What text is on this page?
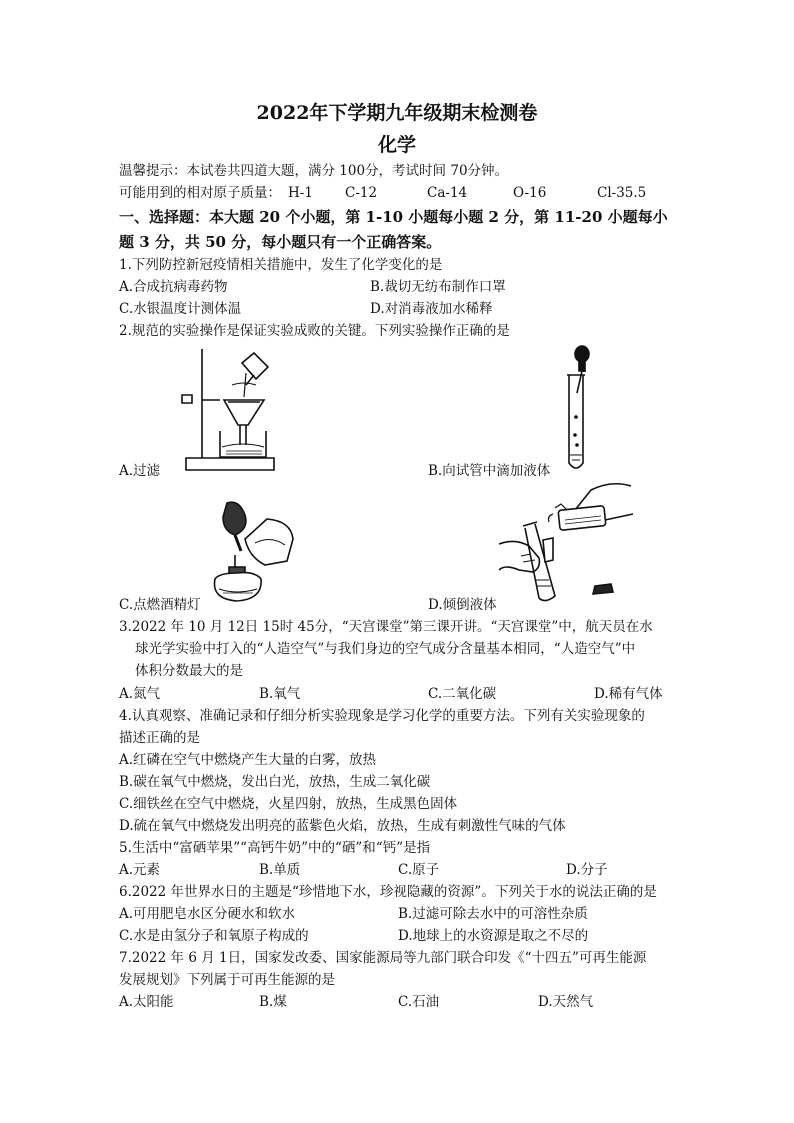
2022年下学期九年级期末检测卷
化学
温馨提示：本试卷共四道大题，满分 100分，考试时间 70分钟。
可能用到的相对原子质量： H-1 C-12	Ca-14	O-16	Cl-35.5
一、选择题：本大题 20 个小题，第 1-10 小题每小题 2 分，第 11-20 小题每小
题 3 分，共 50 分，每小题只有一个正确答案。
1.下列防控新冠疫情相关措施中，发生了化学变化的是
A.合成抗病毒药物	B.裁切无纺布制作口罩
C.水银温度计测体温	D.对消毒液加水稀释
2.规范的实验操作是保证实验成败的关键。下列实验操作正确的是
A.过滤	B.向试管中滴加液体
C.点燃酒精灯	D.倾倒液体
3.2022 年 10 月 12日 15时 45分，“天宫课堂”第三课开讲。“天宫课堂”中，航天员在水
球光学实验中打入的“人造空气”与我们身边的空气成分含量基本相同，“人造空气”中
体积分数最大的是
A.氮气	B.氧气	C.二氧化碳	D.稀有气体
4.认真观察、准确记录和仔细分析实验现象是学习化学的重要方法。下列有关实验现象的
描述正确的是
A.红磷在空气中燃烧产生大量的白雾，放热
B.碳在氧气中燃烧，发出白光，放热，生成二氧化碳
C.细铁丝在空气中燃烧，火星四射，放热，生成黑色固体
D.硫在氧气中燃烧发出明亮的蓝紫色火焰，放热，生成有刺激性气味的气体
5.生活中“富硒苹果”“高钙牛奶”中的“硒”和“钙”是指
A.元素	B.单质	C.原子	D.分子
6.2022 年世界水日的主题是“珍惜地下水，珍视隐藏的资源”。下列关于水的说法正确的是
A.可用肥皂水区分硬水和软水	B.过滤可除去水中的可溶性杂质
C.水是由氢分子和氧原子构成的	D.地球上的水资源是取之不尽的
7.2022 年 6 月 1日，国家发改委、国家能源局等九部门联合印发《“十四五”可再生能源
发展规划》下列属于可再生能源的是
A.太阳能	B.煤	C.石油	D.天然气
